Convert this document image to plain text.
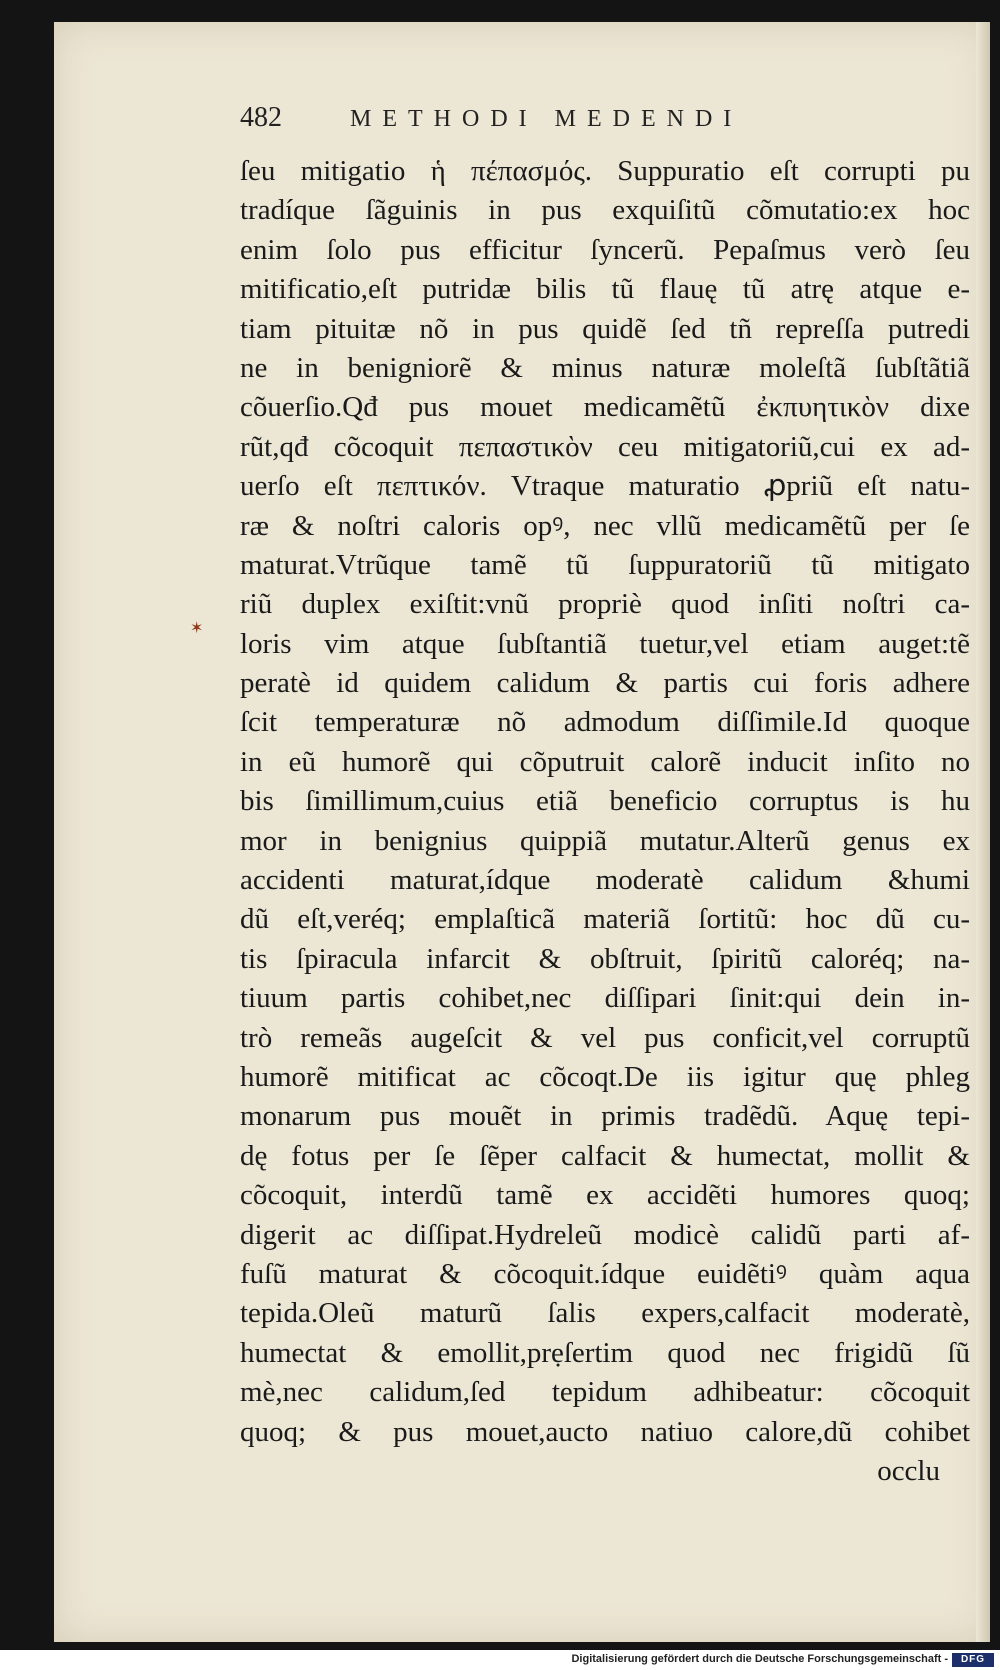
482	METHODI MEDENDI
✶
ſeu mitigatio ἡ πέπασμός. Suppuratio eſt corrupti pu
tradíque ſãguinis in pus exquiſitũ cõmutatio:ex hoc
enim ſolo pus efficitur ſyncerũ. Pepaſmus verò ſeu
mitificatio,eſt putridæ bilis tũ flauę tũ atrę atque e-
tiam pituitæ nõ in pus quidẽ ſed tñ repreſſa putredi
ne in benigniorẽ & minus naturæ moleſtã ſubſtãtiã
cõuerſio.Qđ pus mouet medicamẽtũ ἐκπυητικὸν dixe
rũt,qđ cõcoquit πεπαστικὸν ceu mitigatoriũ,cui ex ad-
uerſo eſt πεπτικόν. Vtraque maturatio ꝓpriũ eſt natu-
ræ & noſtri caloris opꝰ, nec vllũ medicamẽtũ per ſe
maturat.Vtrũque tamẽ tũ ſuppuratoriũ tũ mitigato
riũ duplex exiſtit:vnũ propriè quod inſiti noſtri ca-
loris vim atque ſubſtantiã tuetur,vel etiam auget:tẽ
peratè id quidem calidum & partis cui foris adhere
ſcit temperaturæ nõ admodum diſſimile.Id quoque
in eũ humorẽ qui cõputruit calorẽ inducit inſito no
bis ſimillimum,cuius etiã beneficio corruptus is hu
mor in benignius quippiã mutatur.Alterũ genus ex
accidenti maturat,ídque moderatè calidum &humi
dũ eſt,veréq; emplaſticã materiã ſortitũ: hoc dũ cu-
tis ſpiracula infarcit & obſtruit, ſpiritũ caloréq; na-
tiuum partis cohibet,nec diſſipari ſinit:qui dein in-
trò remeãs augeſcit & vel pus conficit,vel corruptũ
humorẽ mitificat ac cõcoqt.De iis igitur quę phleg
monarum pus mouẽt in primis tradẽdũ. Aquę tepi-
dę fotus per ſe ſẽper calfacit & humectat, mollit &
cõcoquit, interdũ tamẽ ex accidẽti humores quoq;
digerit ac diſſipat.Hydreleũ modicè calidũ parti af-
fuſũ maturat & cõcoquit.ídque euidẽtiꝰ quàm aqua
tepida.Oleũ maturũ ſalis expers,calfacit moderatè,
humectat & emollit,prẹſertim quod nec frigidũ ſũ
mè,nec calidum,ſed tepidum adhibeatur: cõcoquit
quoq; & pus mouet,aucto natiuo calore,dũ cohibet
occlu
Digitalisierung gefördert durch die Deutsche Forschungsgemeinschaft -	DFG
